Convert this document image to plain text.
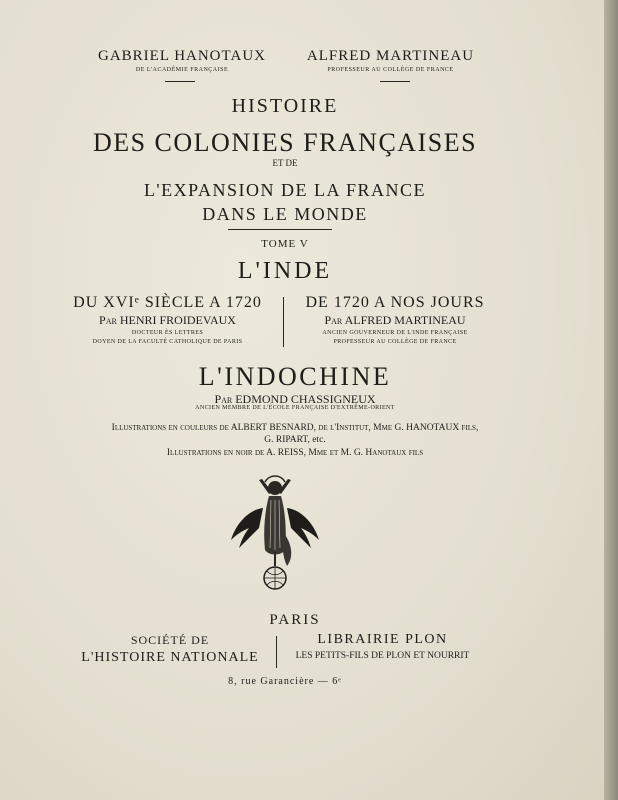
GABRIEL HANOTAUX
DE L'ACADÉMIE FRANÇAISE
ALFRED MARTINEAU
PROFESSEUR AU COLLÈGE DE FRANCE
HISTOIRE
DES COLONIES FRANÇAISES
ET DE
L'EXPANSION DE LA FRANCE
DANS LE MONDE
TOME V
L'INDE
DU XVIᵉ SIÈCLE A 1720
Par HENRI FROIDEVAUX
DOCTEUR ÈS LETTRES
DOYEN DE LA FACULTÉ CATHOLIQUE DE PARIS
DE 1720 A NOS JOURS
Par ALFRED MARTINEAU
ANCIEN GOUVERNEUR DE L'INDE FRANÇAISE
PROFESSEUR AU COLLÈGE DE FRANCE
L'INDOCHINE
Par EDMOND CHASSIGNEUX
ANCIEN MEMBRE DE L'ÉCOLE FRANÇAISE D'EXTRÊME-ORIENT
Illustrations en couleurs de ALBERT BESNARD, de l'Institut, Mme G. HANOTAUX fils,
G. RIPART, etc.
Illustrations en noir de A. REISS, Mme et M. G. Hanotaux fils
PARIS
SOCIÉTÉ DE
L'HISTOIRE NATIONALE
LIBRAIRIE PLON
LES PETITS-FILS DE PLON ET NOURRIT
8, rue Garancière — 6ᵉ
